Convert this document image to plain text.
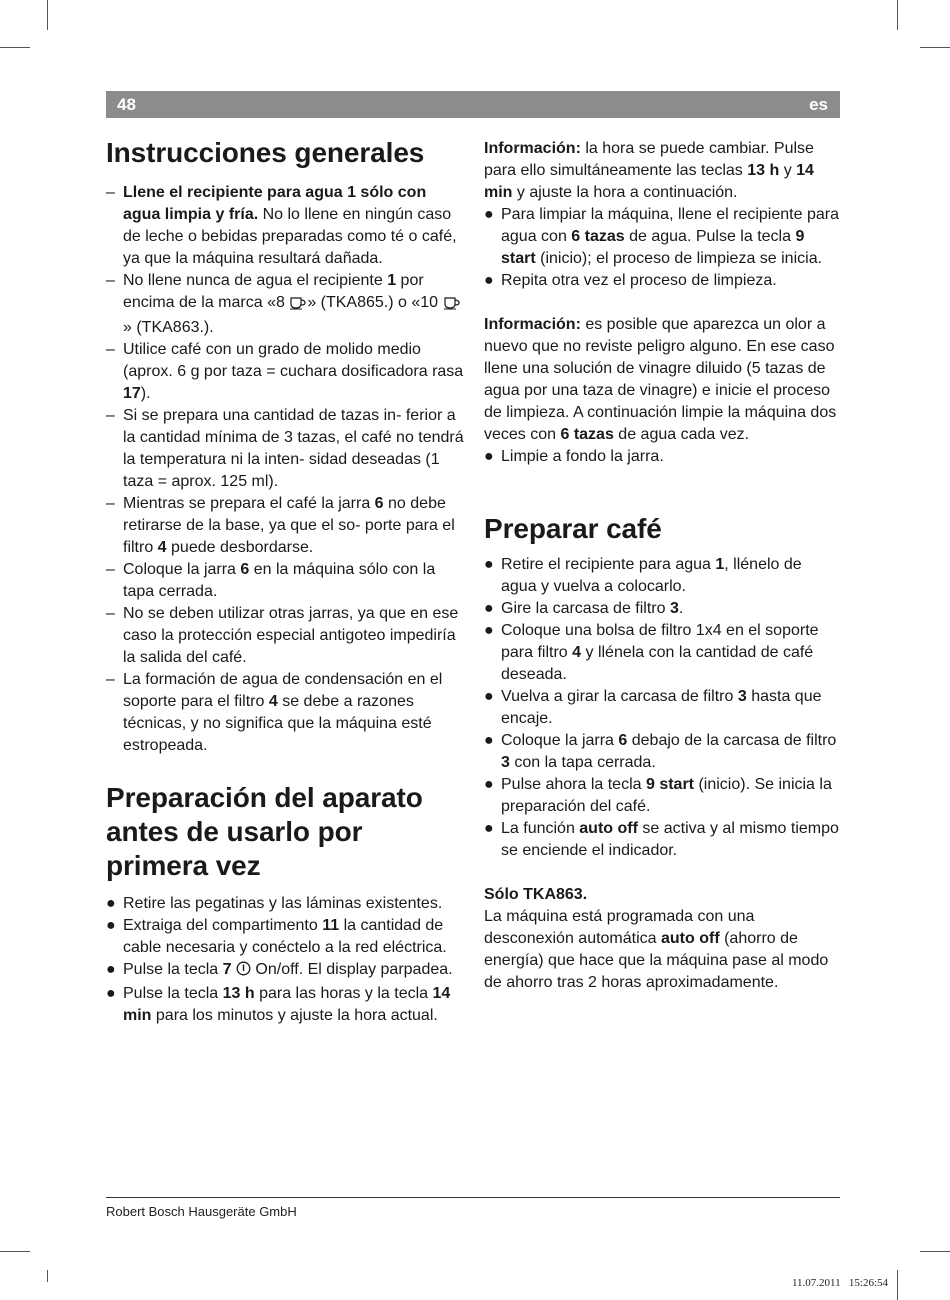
48	es
Instrucciones generales
– Llene el recipiente para agua 1 sólo con agua limpia y fría. No lo llene en ningún caso de leche o bebidas preparadas como té o café, ya que la máquina resultará dañada.
– No llene nunca de agua el recipiente 1 por encima de la marca «8 » (TKA865.) o «10 » (TKA863.).
– Utilice café con un grado de molido medio (aprox. 6 g por taza = cuchara dosificadora rasa 17).
– Si se prepara una cantidad de tazas in- ferior a la cantidad mínima de 3 tazas, el café no tendrá la temperatura ni la inten- sidad deseadas (1 taza = aprox. 125 ml).
– Mientras se prepara el café la jarra 6 no debe retirarse de la base, ya que el so- porte para el filtro 4 puede desbordarse.
– Coloque la jarra 6 en la máquina sólo con la tapa cerrada.
– No se deben utilizar otras jarras, ya que en ese caso la protección especial antigoteo impediría la salida del café.
– La formación de agua de condensación en el soporte para el filtro 4 se debe a razones técnicas, y no significa que la máquina esté estropeada.
Preparación del aparato
antes de usarlo por
primera vez
● Retire las pegatinas y las láminas existentes.
● Extraiga del compartimento 11 la cantidad de cable necesaria y conéctelo a la red eléctrica.
● Pulse la tecla 7  On/off. El display parpadea.
● Pulse la tecla 13 h para las horas y la tecla 14 min para los minutos y ajuste la hora actual.

Información: la hora se puede cambiar. Pulse para ello simultáneamente las teclas 13 h y 14 min y ajuste la hora a continuación.

● Para limpiar la máquina, llene el recipiente para agua con 6 tazas de agua. Pulse la tecla 9 start (inicio); el proceso de limpieza se inicia.
● Repita otra vez el proceso de limpieza.

Información: es posible que aparezca un olor a nuevo que no reviste peligro alguno. En ese caso llene una solución de vinagre diluido (5 tazas de agua por una taza de vinagre) e inicie el proceso de limpieza. A continuación limpie la máquina dos veces con 6 tazas de agua cada vez.

● Limpie a fondo la jarra.
Preparar café
● Retire el recipiente para agua 1, llénelo de agua y vuelva a colocarlo.
● Gire la carcasa de filtro 3.
● Coloque una bolsa de filtro 1x4 en el soporte para filtro 4 y llénela con la cantidad de café deseada.
● Vuelva a girar la carcasa de filtro 3 hasta que encaje.
● Coloque la jarra 6 debajo de la carcasa de filtro 3 con la tapa cerrada.
● Pulse ahora la tecla 9 start (inicio). Se inicia la preparación del café.
● La función auto off se activa y al mismo tiempo se enciende el indicador.

Sólo TKA863.

La máquina está programada con una desconexión automática auto off (ahorro de energía) que hace que la máquina pase al modo de ahorro tras 2 horas aproximadamente.

Robert Bosch Hausgeräte GmbH
11.07.2011   15:26:54
